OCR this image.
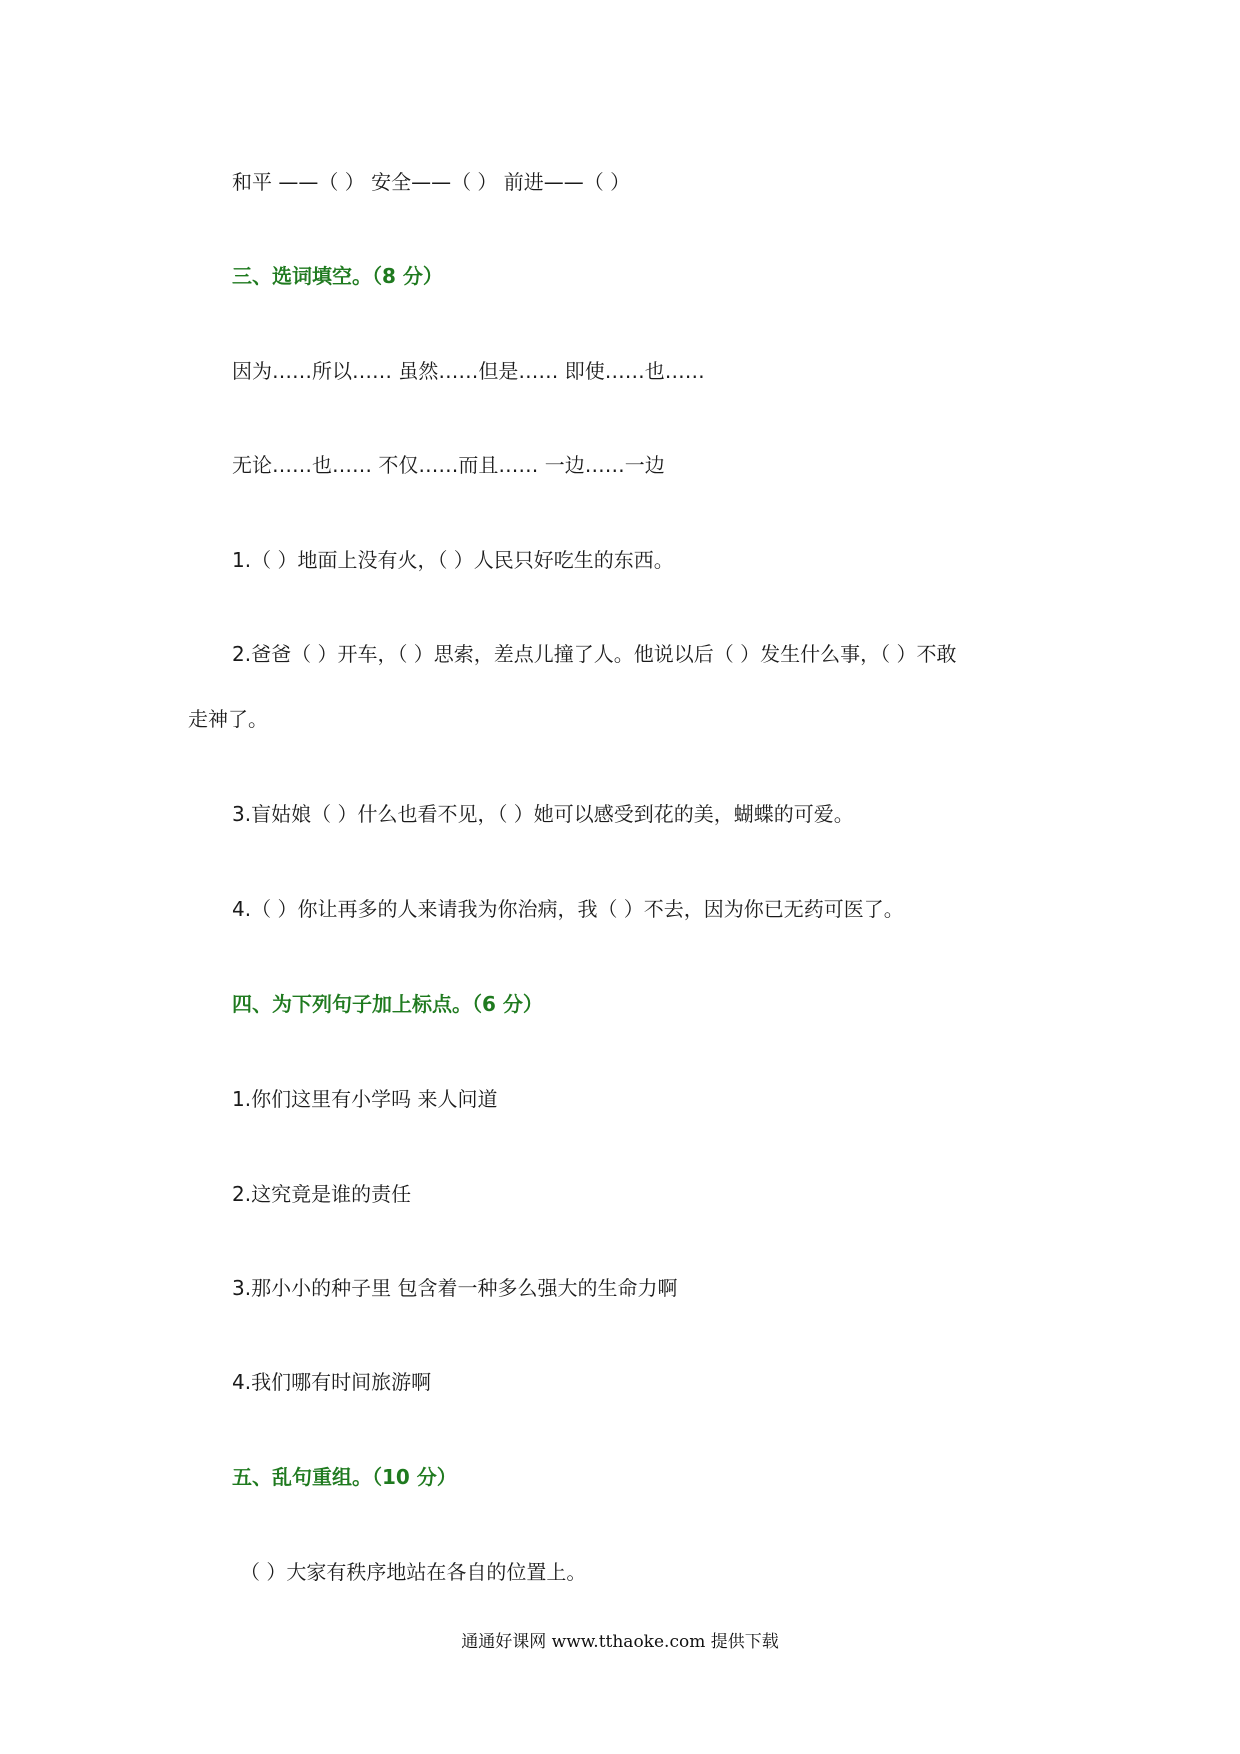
和平 ——（ ） 安全——（ ） 前进——（ ）
三、选词填空。（8 分）
因为……所以…… 虽然……但是…… 即使……也……
无论……也…… 不仅……而且…… 一边……一边
1.（ ）地面上没有火，（ ）人民只好吃生的东西。
2.爸爸（ ）开车，（ ）思索，差点儿撞了人。他说以后（ ）发生什么事，（ ）不敢
走神了。
3.盲姑娘（ ）什么也看不见，（ ）她可以感受到花的美，蝴蝶的可爱。
4.（ ）你让再多的人来请我为你治病，我（ ）不去，因为你已无药可医了。
四、为下列句子加上标点。（6 分）
1.你们这里有小学吗 来人问道
2.这究竟是谁的责任
3.那小小的种子里 包含着一种多么强大的生命力啊
4.我们哪有时间旅游啊
五、乱句重组。（10 分）
（ ）大家有秩序地站在各自的位置上。
通通好课网 www.tthaoke.com 提供下载
